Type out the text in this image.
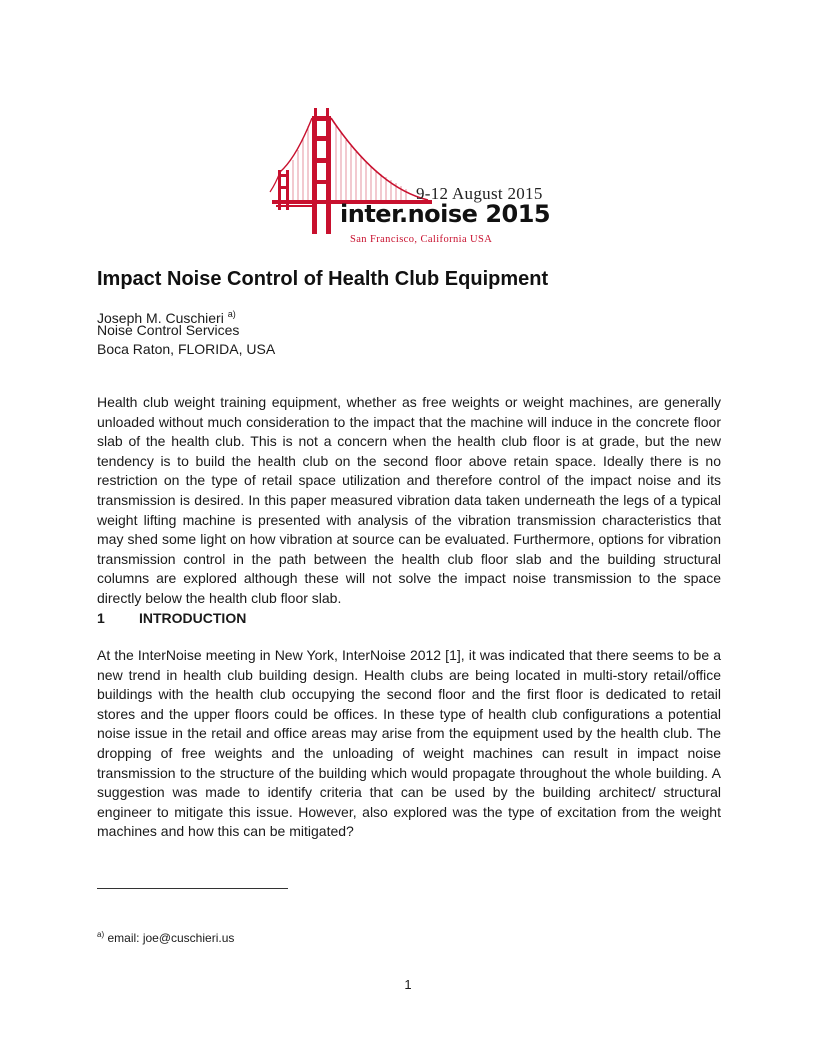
9-12 August 2015
inter.noise 2015
San Francisco, California USA
Impact Noise Control of Health Club Equipment
Joseph M. Cuschieri $^{a)}$
Noise Control Services
Boca Raton, FLORIDA, USA

Health club weight training equipment, whether as free weights or weight machines, are generally unloaded without much consideration to the impact that the machine will induce in the concrete floor slab of the health club. This is not a concern when the health club floor is at grade, but the new tendency is to build the health club on the second floor above retain space. Ideally there is no restriction on the type of retail space utilization and therefore control of the impact noise and its transmission is desired. In this paper measured vibration data taken underneath the legs of a typical weight lifting machine is presented with analysis of the vibration transmission characteristics that may shed some light on how vibration at source can be evaluated. Furthermore, options for vibration transmission control in the path between the health club floor slab and the building structural columns are explored although these will not solve the impact noise transmission to the space directly below the health club floor slab.

1 INTRODUCTION

At the InterNoise meeting in New York, InterNoise 2012 [1], it was indicated that there seems to be a new trend in health club building design. Health clubs are being located in multi-story retail/office buildings with the health club occupying the second floor and the first floor is dedicated to retail stores and the upper floors could be offices. In these type of health club configurations a potential noise issue in the retail and office areas may arise from the equipment used by the health club. The dropping of free weights and the unloading of weight machines can result in impact noise transmission to the structure of the building which would propagate throughout the whole building. A suggestion was made to identify criteria that can be used by the building architect/ structural engineer to mitigate this issue. However, also explored was the type of excitation from the weight machines and how this can be mitigated?

$^{a)}$ email: joe@cuschieri.us
1
